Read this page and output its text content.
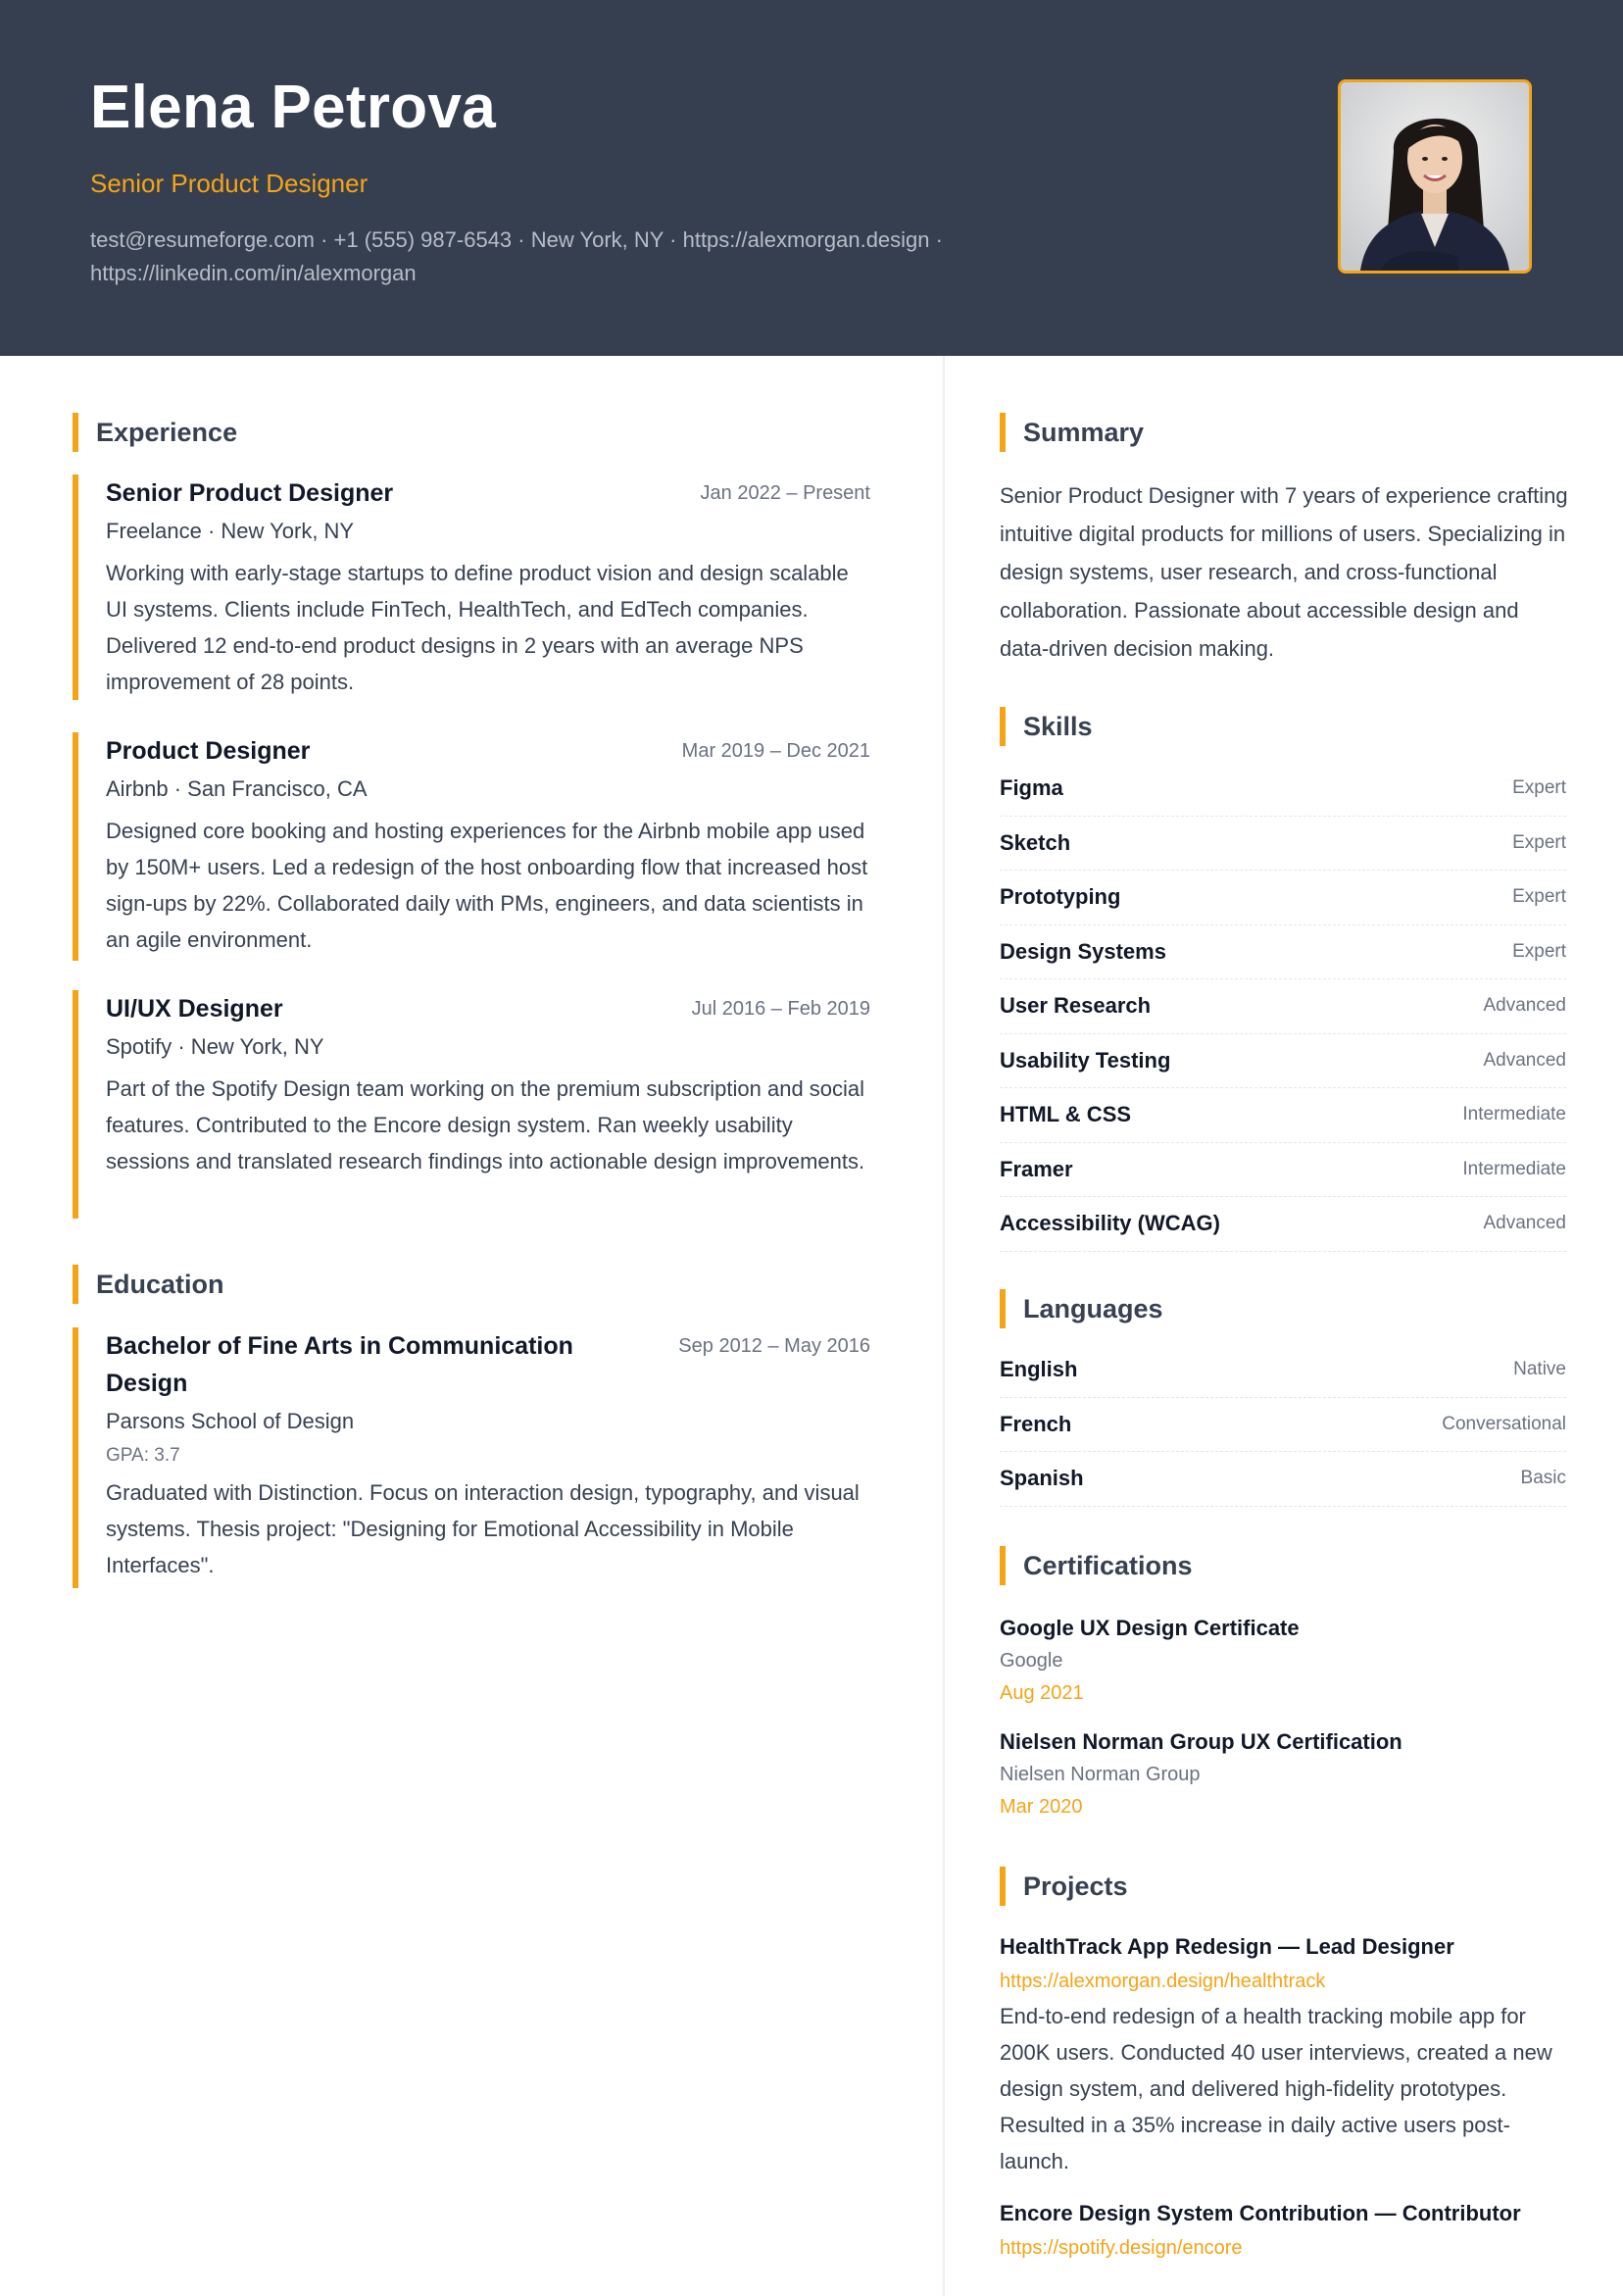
Elena Petrova
Senior Product Designer
test@resumeforge.com · +1 (555) 987-6543 · New York, NY · https://alexmorgan.design ·
https://linkedin.com/in/alexmorgan
Experience
Senior Product Designer	Jan 2022 – Present
Freelance · New York, NY
Working with early-stage startups to define product vision and design scalable UI systems. Clients include FinTech, HealthTech, and EdTech companies. Delivered 12 end-to-end product designs in 2 years with an average NPS improvement of 28 points.
Product Designer	Mar 2019 – Dec 2021
Airbnb · San Francisco, CA
Designed core booking and hosting experiences for the Airbnb mobile app used by 150M+ users. Led a redesign of the host onboarding flow that increased host sign-ups by 22%. Collaborated daily with PMs, engineers, and data scientists in an agile environment.
UI/UX Designer	Jul 2016 – Feb 2019
Spotify · New York, NY
Part of the Spotify Design team working on the premium subscription and social features. Contributed to the Encore design system. Ran weekly usability sessions and translated research findings into actionable design improvements.
Education
Bachelor of Fine Arts in Communication Design
Sep 2012 – May 2016
Parsons School of Design
GPA: 3.7
Graduated with Distinction. Focus on interaction design, typography, and visual systems. Thesis project: "Designing for Emotional Accessibility in Mobile Interfaces".
Summary
Senior Product Designer with 7 years of experience crafting intuitive digital products for millions of users. Specializing in design systems, user research, and cross-functional collaboration. Passionate about accessible design and data-driven decision making.
Skills
Figma	Expert
Sketch	Expert
Prototyping	Expert
Design Systems	Expert
User Research	Advanced
Usability Testing	Advanced
HTML & CSS	Intermediate
Framer	Intermediate
Accessibility (WCAG)	Advanced
Languages
English	Native
French	Conversational
Spanish	Basic
Certifications
Google UX Design Certificate
Google
Aug 2021
Nielsen Norman Group UX Certification
Nielsen Norman Group
Mar 2020
Projects
HealthTrack App Redesign — Lead Designer
https://alexmorgan.design/healthtrack
End-to-end redesign of a health tracking mobile app for 200K users. Conducted 40 user interviews, created a new design system, and delivered high-fidelity prototypes. Resulted in a 35% increase in daily active users post-launch.
Encore Design System Contribution — Contributor
https://spotify.design/encore
